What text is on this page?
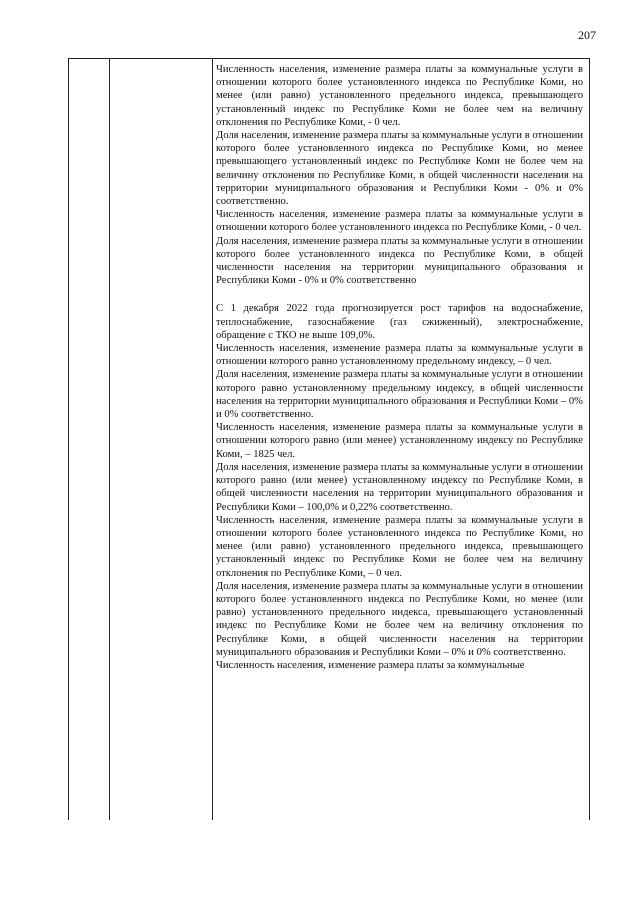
207

Численность населения, изменение размера платы за коммунальные услуги в отношении которого более установленного индекса по Республике Коми, но менее (или равно) установленного предельного индекса, превышающего установленный индекс по Республике Коми не более чем на величину отклонения по Республике Коми, - 0 чел.

Доля населения, изменение размера платы за коммунальные услуги в отношении которого более установленного индекса по Республике Коми, но менее превышающего установленный индекс по Республике Коми не более чем на величину отклонения по Республике Коми, в общей численности населения на территории муниципального образования и Республики Коми - 0% и 0% соответственно.

Численность населения, изменение размера платы за коммунальные услуги в отношении которого более установленного индекса по Республике Коми, - 0 чел.

Доля населения, изменение размера платы за коммунальные услуги в отношении которого более установленного индекса по Республике Коми, в общей численности населения на территории муниципального образования и Республики Коми - 0% и 0% соответственно

С 1 декабря 2022 года прогнозируется рост тарифов на водоснабжение, теплоснабжение, газоснабжение (газ сжиженный), электроснабжение, обращение с ТКО не выше 109,0%.

Численность населения, изменение размера платы за коммунальные услуги в отношении которого равно установленному предельному индексу, – 0 чел.

Доля населения, изменение размера платы за коммунальные услуги в отношении которого равно установленному предельному индексу, в общей численности населения на территории муниципального образования и Республики Коми – 0% и 0% соответственно.

Численность населения, изменение размера платы за коммунальные услуги в отношении которого равно (или менее) установленному индексу по Республике Коми, – 1825 чел.

Доля населения, изменение размера платы за коммунальные услуги в отношении которого равно (или менее) установленному индексу по Республике Коми, в общей численности населения на территории муниципального образования и Республики Коми – 100,0% и 0,22% соответственно.

Численность населения, изменение размера платы за коммунальные услуги в отношении которого более установленного индекса по Республике Коми, но менее (или равно) установленного предельного индекса, превышающего установленный индекс по Республике Коми не более чем на величину отклонения по Республике Коми, – 0 чел.

Доля населения, изменение размера платы за коммунальные услуги в отношении которого более установленного индекса по Республике Коми, но менее (или равно) установленного предельного индекса, превышающего установленный индекс по Республике Коми не более чем на величину отклонения по Республике Коми, в общей численности населения на территории муниципального образования и Республики Коми – 0% и 0% соответственно.

Численность населения, изменение размера платы за коммунальные
